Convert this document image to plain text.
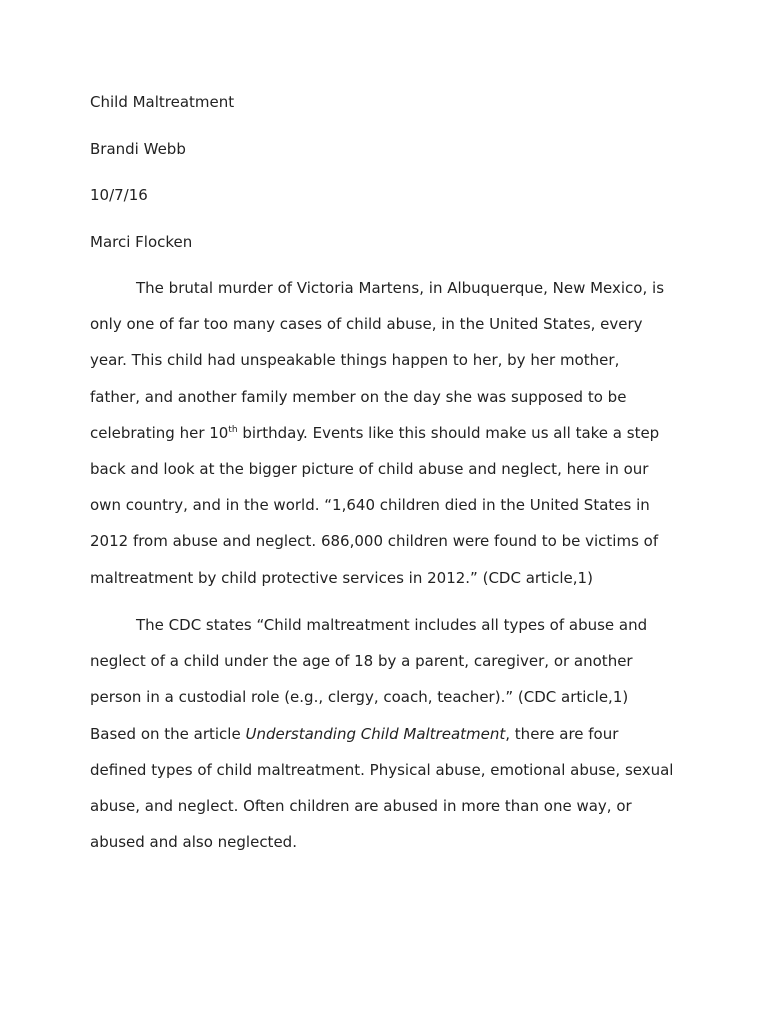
Child Maltreatment

Brandi Webb

10/7/16

Marci Flocken

The brutal murder of Victoria Martens, in Albuquerque, New Mexico, is
only one of far too many cases of child abuse, in the United States, every
year. This child had unspeakable things happen to her, by her mother,
father, and another family member on the day she was supposed to be
celebrating her 10th birthday. Events like this should make us all take a step
back and look at the bigger picture of child abuse and neglect, here in our
own country, and in the world. “1,640 children died in the United States in
2012 from abuse and neglect. 686,000 children were found to be victims of
maltreatment by child protective services in 2012.” (CDC article,1)
The CDC states “Child maltreatment includes all types of abuse and
neglect of a child under the age of 18 by a parent, caregiver, or another
person in a custodial role (e.g., clergy, coach, teacher).” (CDC article,1)
Based on the article Understanding Child Maltreatment, there are four
defined types of child maltreatment. Physical abuse, emotional abuse, sexual
abuse, and neglect. Often children are abused in more than one way, or
abused and also neglected.
